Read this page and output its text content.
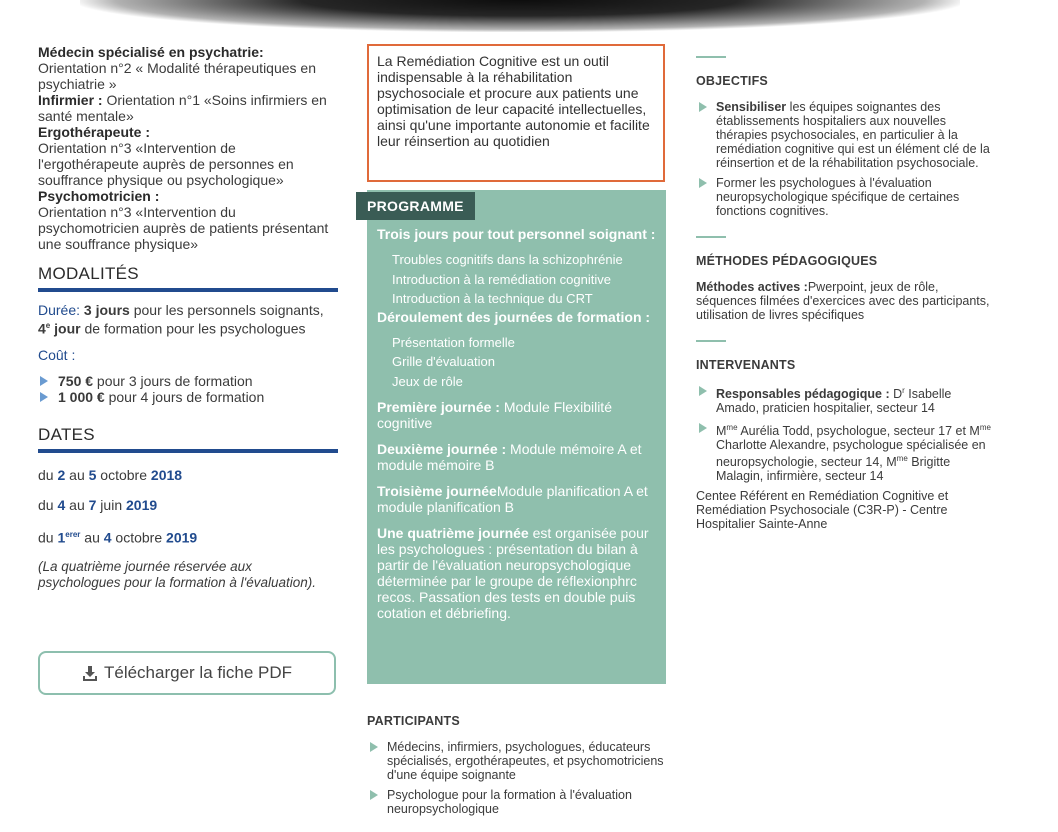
Médecin spécialisé en psychatrie:
Orientation n°2 « Modalité thérapeutiques en psychiatrie »
Infirmier : Orientation n°1 «Soins infirmiers en santé mentale»
Ergothérapeute :
Orientation n°3 «Intervention de l'ergothérapeute auprès de personnes en souffrance physique ou psychologique»
Psychomotricien :
Orientation n°3 «Intervention du psychomotricien auprès de patients présentant une souffrance physique»
MODALITÉS
Durée: 3 jours pour les personnels soignants, 4e jour de formation pour les psychologues
Coût :
750 € pour 3 jours de formation
1 000 € pour 4 jours de formation
DATES
du 2 au 5 octobre 2018
du 4 au 7 juin 2019
du $1^{erer}$ au 4 octobre 2019
(La quatrième journée réservée aux psychologues pour la formation à l'évaluation).
Télécharger la fiche PDF
La Remédiation Cognitive est un outil indispensable à la réhabilitation psychosociale et procure aux patients une optimisation de leur capacité intellectuelles, ainsi qu'une importante autonomie et facilite leur réinsertion au quotidien
PROGRAMME
Trois jours pour tout personnel soignant :
Troubles cognitifs dans la schizophrénie
Introduction à la remédiation cognitive
Introduction à la technique du CRT
Déroulement des journées de formation :
Présentation formelle
Grille d'évaluation
Jeux de rôle
Première journée : Module Flexibilité cognitive
Deuxième journée : Module mémoire A et module mémoire B
Troisième journéeModule planification A et module planification B
Une quatrième journée est organisée pour les psychologues : présentation du bilan à partir de l'évaluation neuropsychologique déterminée par le groupe de réflexionphrc recos. Passation des tests en double puis cotation et débriefing.
PARTICIPANTS
Médecins, infirmiers, psychologues, éducateurs spécialisés, ergothérapeutes, et psychomotriciens d'une équipe soignante
Psychologue pour la formation à l'évaluation neuropsychologique
OBJECTIFS
Sensibiliser les équipes soignantes des établissements hospitaliers aux nouvelles thérapies psychosociales, en particulier à la remédiation cognitive qui est un élément clé de la réinsertion et de la réhabilitation psychosociale.
Former les psychologues à l'évaluation neuropsychologique spécifique de certaines fonctions cognitives.
MÉTHODES PÉDAGOGIQUES
Méthodes actives :Pwerpoint, jeux de rôle, séquences filmées d'exercices avec des participants, utilisation de livres spécifiques
INTERVENANTS
Responsables pédagogique : $D^r$ Isabelle Amado, praticien hospitalier, secteur 14
$M^{me}$ Aurélia Todd, psychologue, secteur 17 et $M^{me}$ Charlotte Alexandre, psychologue spécialisée en neuropsychologie, secteur 14, $M^{me}$ Brigitte Malagin, infirmière, secteur 14
Centee Référent en Remédiation Cognitive et Remédiation Psychosociale (C3R-P) - Centre Hospitalier Sainte-Anne
